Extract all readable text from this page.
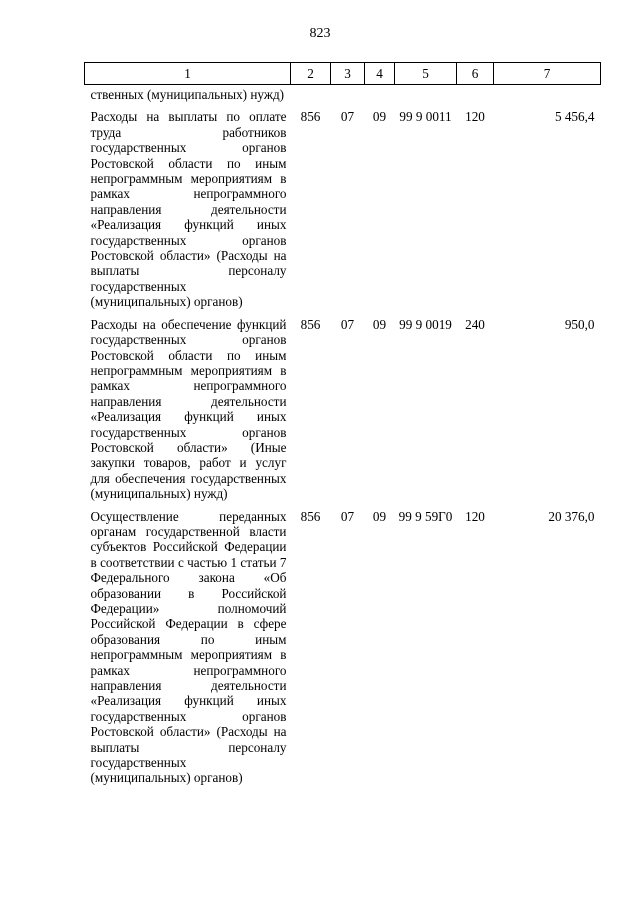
823
1	2	3	4	5	6	7
ственных (муниципальных) нужд)						
Расходы на выплаты по оплате труда работников государственных органов Ростовской области по иным непрограммным мероприятиям в рамках непрограммного направления деятельности «Реализация функций иных государственных органов Ростовской области» (Расходы на выплаты персоналу государственных (муниципальных) органов)	856	07	09	99 9 0011	120	5 456,4
Расходы на обеспечение функций государственных органов Ростовской области по иным непрограммным мероприятиям в рамках непрограммного направления деятельности «Реализация функций иных государственных органов Ростовской области» (Иные закупки товаров, работ и услуг для обеспечения государственных (муниципальных) нужд)	856	07	09	99 9 0019	240	950,0
Осуществление переданных органам государственной власти субъектов Российской Федерации в соответствии с частью 1 статьи 7 Федерального закона «Об образовании в Российской Федерации» полномочий Российской Федерации в сфере образования по иным непрограммным мероприятиям в рамках непрограммного направления деятельности «Реализация функций иных государственных органов Ростовской области» (Расходы на выплаты персоналу государственных (муниципальных) органов)	856	07	09	99 9 59Г0	120	20 376,0
